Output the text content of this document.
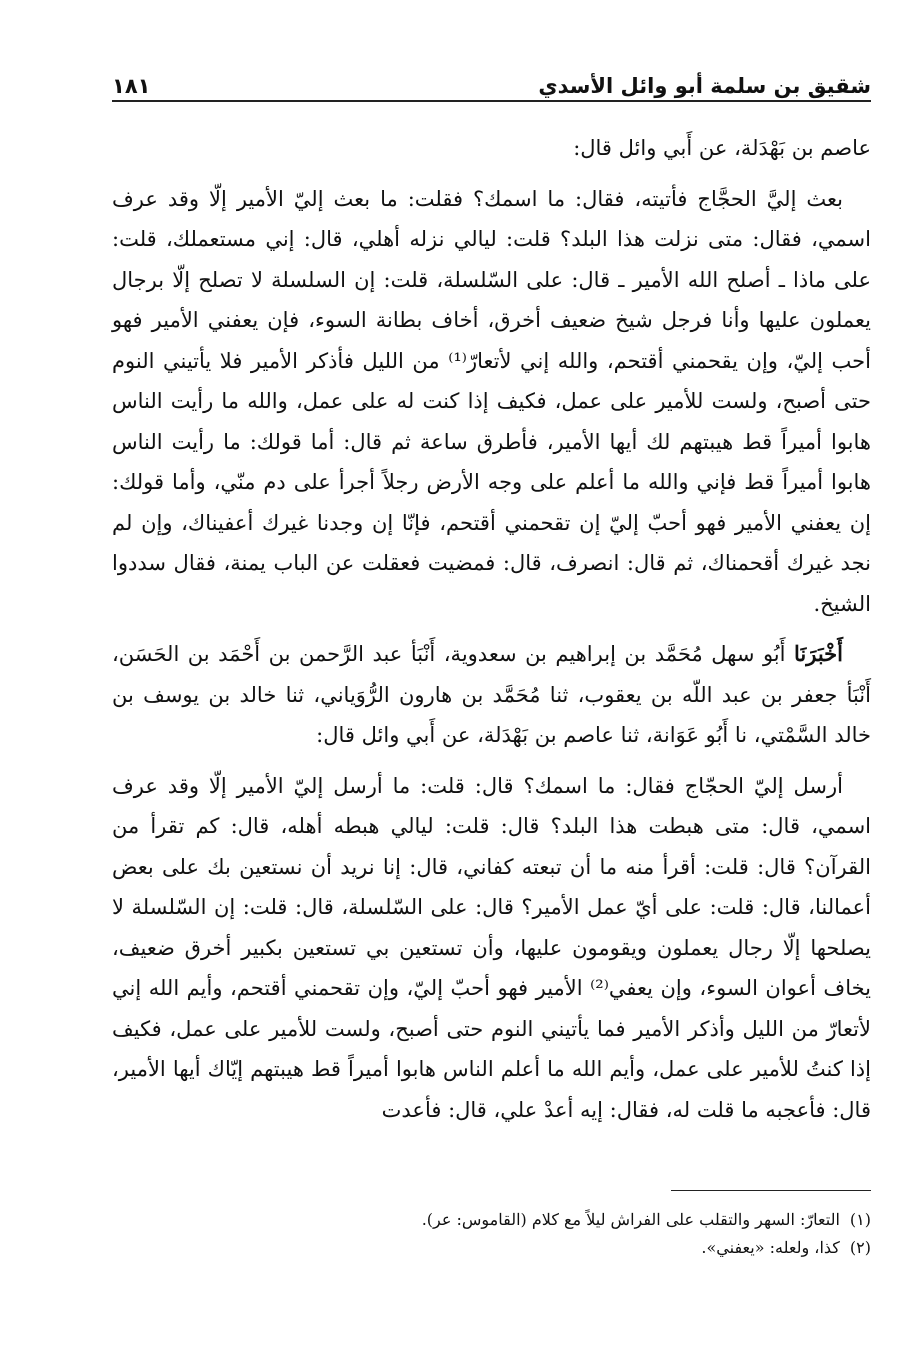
شقيق بن سلمة أبو وائل الأسدي
١٨١

عاصم بن بَهْدَلة، عن أَبي وائل قال:

بعث إليَّ الحجَّاج فأتيته، فقال: ما اسمك؟ فقلت: ما بعث إليّ الأمير إلّا وقد عرف اسمي، فقال: متى نزلت هذا البلد؟ قلت: ليالي نزله أهلي، قال: إني مستعملك، قلت: على ماذا ـ أصلح الله الأمير ـ قال: على السّلسلة، قلت: إن السلسلة لا تصلح إلّا برجال يعملون عليها وأنا فرجل شيخ ضعيف أخرق، أخاف بطانة السوء، فإن يعفني الأمير فهو أحب إليّ، وإن يقحمني أقتحم، والله إني لأتعارّ⁽¹⁾ من الليل فأذكر الأمير فلا يأتيني النوم حتى أصبح، ولست للأمير على عمل، فكيف إذا كنت له على عمل، والله ما رأيت الناس هابوا أميراً قط هيبتهم لك أيها الأمير، فأطرق ساعة ثم قال: أما قولك: ما رأيت الناس هابوا أميراً قط فإني والله ما أعلم على وجه الأرض رجلاً أجرأ على دم منّي، وأما قولك: إن يعفني الأمير فهو أحبّ إليّ إن تقحمني أقتحم، فإنّا إن وجدنا غيرك أعفيناك، وإن لم نجد غيرك أقحمناك، ثم قال: انصرف، قال: فمضيت فعقلت عن الباب يمنة، فقال سددوا الشيخ.

أَخْبَرَنَا أَبُو سهل مُحَمَّد بن إبراهيم بن سعدوية، أَنْبَأ عبد الرَّحمن بن أَحْمَد بن الحَسَن، أَنْبَأ جعفر بن عبد اللّه بن يعقوب، ثنا مُحَمَّد بن هارون الرُّوَياني، ثنا خالد بن يوسف بن خالد السَّمْتي، نا أَبُو عَوَانة، ثنا عاصم بن بَهْدَلة، عن أَبي وائل قال:

أرسل إليّ الحجّاج فقال: ما اسمك؟ قال: قلت: ما أرسل إليّ الأمير إلّا وقد عرف اسمي، قال: متى هبطت هذا البلد؟ قال: قلت: ليالي هبطه أهله، قال: كم تقرأ من القرآن؟ قال: قلت: أقرأ منه ما أن تبعته كفاني، قال: إنا نريد أن نستعين بك على بعض أعمالنا، قال: قلت: على أيّ عمل الأمير؟ قال: على السّلسلة، قال: قلت: إن السّلسلة لا يصلحها إلّا رجال يعملون ويقومون عليها، وأن تستعين بي تستعين بكبير أخرق ضعيف، يخاف أعوان السوء، وإن يعفي⁽²⁾ الأمير فهو أحبّ إليّ، وإن تقحمني أقتحم، وأيم الله إني لأتعارّ من الليل وأذكر الأمير فما يأتيني النوم حتى أصبح، ولست للأمير على عمل، فكيف إذا كنتُ للأمير على عمل، وأيم الله ما أعلم الناس هابوا أميراً قط هيبتهم إيّاك أيها الأمير، قال: فأعجبه ما قلت له، فقال: إيه أعدْ علي، قال: فأعدت

(١)
التعارّ: السهر والتقلب على الفراش ليلاً مع كلام (القاموس: عر).
(٢)
كذا، ولعله: «يعفني».
